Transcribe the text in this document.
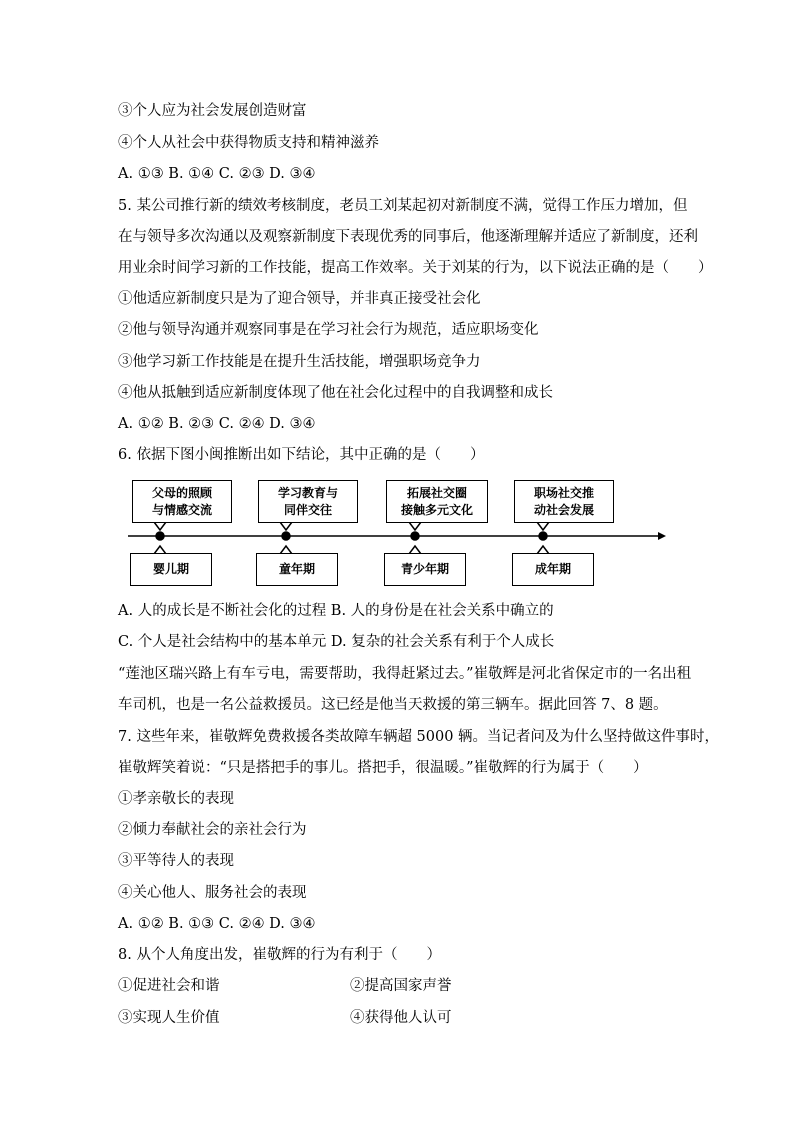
③个人应为社会发展创造财富
④个人从社会中获得物质支持和精神滋养
A. ①③ B. ①④ C. ②③ D. ③④
5. 某公司推行新的绩效考核制度，老员工刘某起初对新制度不满，觉得工作压力增加，但
在与领导多次沟通以及观察新制度下表现优秀的同事后，他逐渐理解并适应了新制度，还利
用业余时间学习新的工作技能，提高工作效率。关于刘某的行为，以下说法正确的是（　　）
①他适应新制度只是为了迎合领导，并非真正接受社会化
②他与领导沟通并观察同事是在学习社会行为规范，适应职场变化
③他学习新工作技能是在提升生活技能，增强职场竞争力
④他从抵触到适应新制度体现了他在社会化过程中的自我调整和成长
A. ①② B. ②③ C. ②④ D. ③④
6. 依据下图小闽推断出如下结论，其中正确的是（　　）
父母的照顾
与情感交流
学习教育与
同伴交往
拓展社交圈
接触多元文化
职场社交推
动社会发展
婴儿期	童年期	青少年期	成年期
A. 人的成长是不断社会化的过程 B. 人的身份是在社会关系中确立的
C. 个人是社会结构中的基本单元 D. 复杂的社会关系有利于个人成长
“莲池区瑞兴路上有车亏电，需要帮助，我得赶紧过去。”崔敬辉是河北省保定市的一名出租
车司机，也是一名公益救援员。这已经是他当天救援的第三辆车。据此回答 7、8 题。
7. 这些年来，崔敬辉免费救援各类故障车辆超 5000 辆。当记者问及为什么坚持做这件事时，
崔敬辉笑着说：“只是搭把手的事儿。搭把手，很温暖。”崔敬辉的行为属于（　　）
①孝亲敬长的表现
②倾力奉献社会的亲社会行为
③平等待人的表现
④关心他人、服务社会的表现
A. ①② B. ①③ C. ②④ D. ③④
8. 从个人角度出发，崔敬辉的行为有利于（　　）
①促进社会和谐	②提高国家声誉
③实现人生价值	④获得他人认可
